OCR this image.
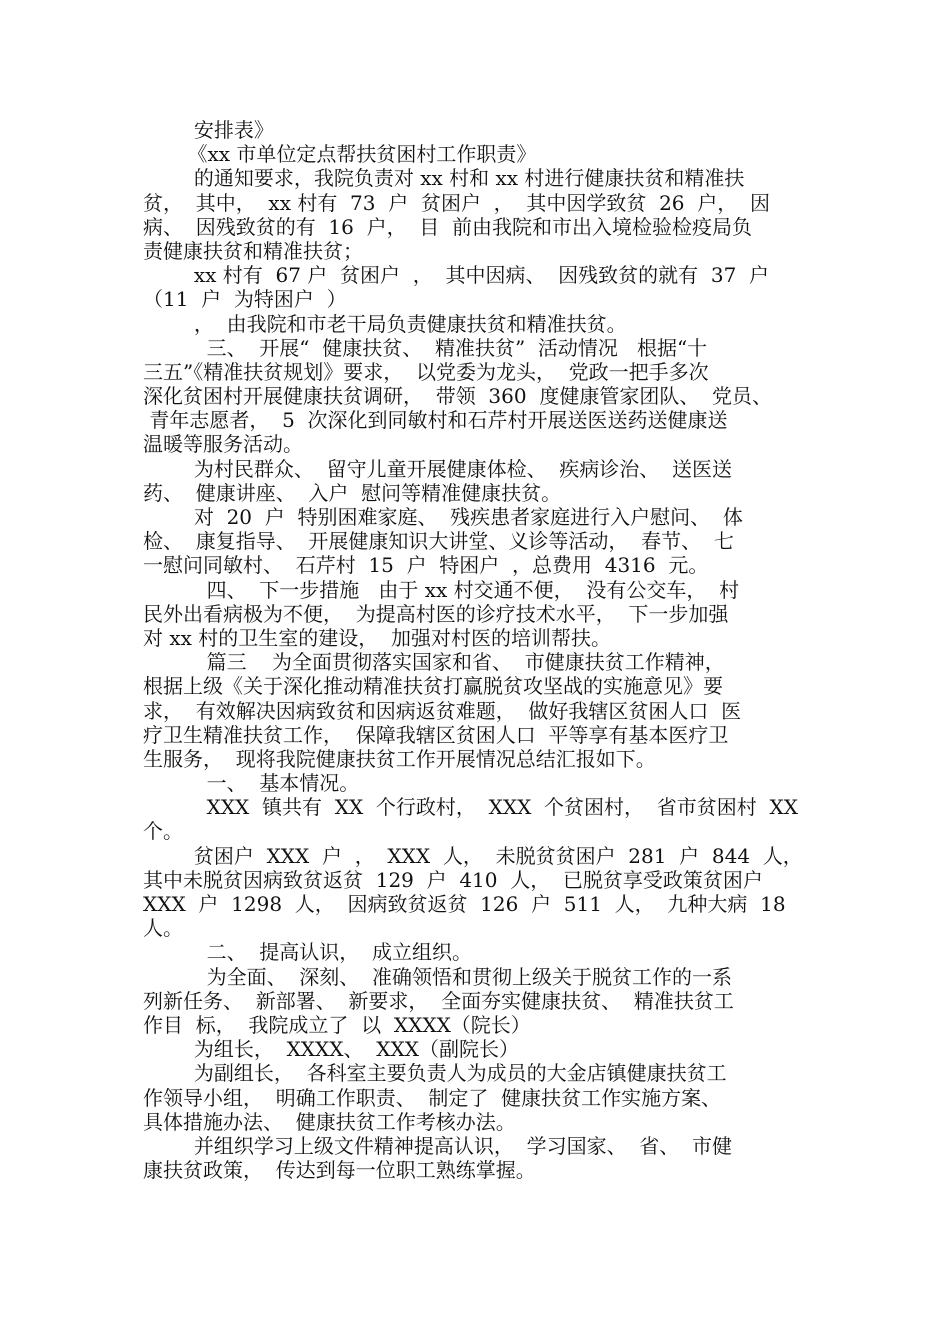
安排表》
《xx 市单位定点帮扶贫困村工作职责》
的通知要求，我院负责对 xx 村和 xx 村进行健康扶贫和精准扶
贫，  其中，  xx 村有  73  户  贫困户  ，  其中因学致贫  26  户，  因
病、  因残致贫的有  16  户，  目  前由我院和市出入境检验检疫局负
责健康扶贫和精准扶贫；
xx 村有  67 户  贫困户  ，  其中因病、  因残致贫的就有  37  户
（11  户  为特困户  ）
，  由我院和市老干局负责健康扶贫和精准扶贫。
三、  开展“  健康扶贫、  精准扶贫”  活动情况   根据“十
三五”《精准扶贫规划》要求，  以党委为龙头，  党政一把手多次
深化贫困村开展健康扶贫调研，  带领  360  度健康管家团队、  党员、
青年志愿者，  5  次深化到同敏村和石芹村开展送医送药送健康送
温暖等服务活动。
为村民群众、  留守儿童开展健康体检、  疾病诊治、  送医送
药、  健康讲座、  入户  慰问等精准健康扶贫。
对  20  户  特别困难家庭、  残疾患者家庭进行入户慰问、  体
检、  康复指导、  开展健康知识大讲堂、义诊等活动，  春节、  七
一慰问同敏村、  石芹村  15  户  特困户  ，总费用  4316  元。
四、  下一步措施   由于 xx 村交通不便，  没有公交车，  村
民外出看病极为不便，  为提高村医的诊疗技术水平，  下一步加强
对 xx 村的卫生室的建设，  加强对村医的培训帮扶。
篇三    为全面贯彻落实国家和省、  市健康扶贫工作精神，
根据上级《关于深化推动精准扶贫打赢脱贫攻坚战的实施意见》要
求，  有效解决因病致贫和因病返贫难题，  做好我辖区贫困人口  医
疗卫生精准扶贫工作，  保障我辖区贫困人口  平等享有基本医疗卫
生服务，  现将我院健康扶贫工作开展情况总结汇报如下。
一、  基本情况。
XXX  镇共有  XX  个行政村，  XXX  个贫困村，  省市贫困村  XX
个。
贫困户  XXX  户  ，  XXX  人，  未脱贫贫困户  281  户  844  人，
其中未脱贫因病致贫返贫  129  户  410  人，  已脱贫享受政策贫困户
XXX  户  1298  人，  因病致贫返贫  126  户  511  人，  九种大病  18
人。
二、  提高认识，  成立组织。
为全面、  深刻、  准确领悟和贯彻上级关于脱贫工作的一系
列新任务、  新部署、  新要求，  全面夯实健康扶贫、  精准扶贫工
作目  标，  我院成立了  以  XXXX（院长）
为组长，  XXXX、  XXX（副院长）
为副组长，  各科室主要负责人为成员的大金店镇健康扶贫工
作领导小组，  明确工作职责、  制定了  健康扶贫工作实施方案、
具体措施办法、  健康扶贫工作考核办法。
并组织学习上级文件精神提高认识，  学习国家、  省、  市健
康扶贫政策，  传达到每一位职工熟练掌握。
